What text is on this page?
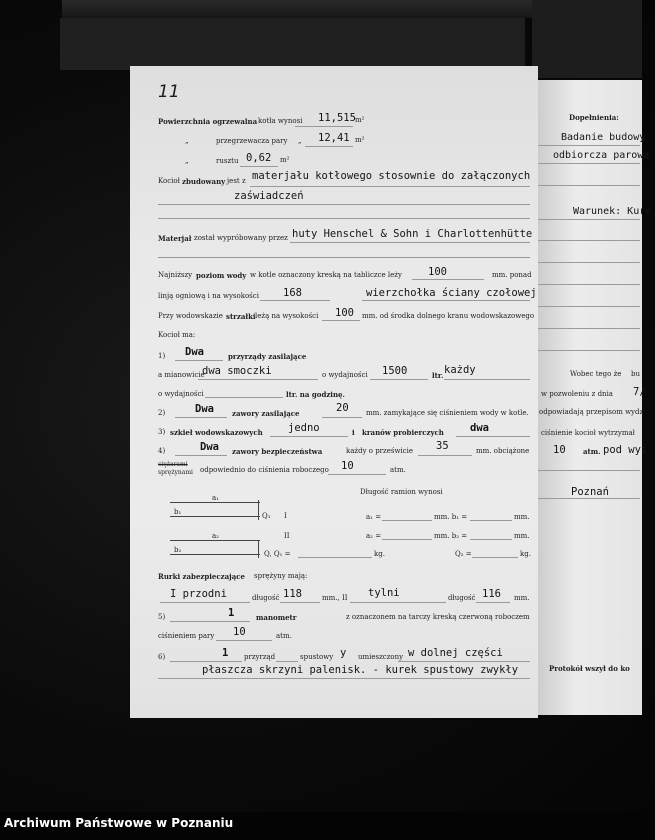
Dopełnienia:
Badanie budowy
odbiorcza parowa
Warunek: Kure
Wobec tego że bu
w pozwoleniu z dnia 7/
odpowiadają przepisom wydz
ciśnienie kocioł wytrzymał
10 atm. pod wyż
Poznań
Protokół wszył do ko
11
Powierzchnia ogrzewalna kotła wynosi 11,515 m²
„	przegrzewacza pary „ 12,41 m²
„	rusztu 0,62 m²
Kocioł zbudowany jest z materjału kotłowego stosownie do załączonych
zaświadczeń
Materjał został wypróbowany przez huty Henschel & Sohn i Charlottenhütte
Najniższy poziom wody w kotle oznaczony kreską na tabliczce leży 100	mm. ponad
linją ogniową i na wysokości 168	wierzchołka ściany czołowej
Przy wodowskazie strzałki leżą na wysokości 100 mm. od środka dolnego kranu wodowskazowego
Kocioł ma:
1) Dwa	przyrządy zasilające
a mianowicie
dwa smoczki	o wydajności 1500	ltr. każdy
o wydajności	ltr. na godzinę.
2)	Dwa	zawory zasilające	20 mm. zamykające się ciśnieniem wody w kotle.
3) szkieł wodowskazowych jedno	i kranów probierczych dwa
4)	Dwa zawory bezpieczeństwa	każdy o prześwicie 35	mm. obciążone
ciężarami
sprężynami odpowiednio do ciśnienia roboczego 10	atm.
Długość ramion wynosi
a₁
b₁	Q₁ I	a₁ =	mm. b₁ =	mm.
a₂	II	a₂ =	mm. b₂ =	mm.
b₂	Q, Q₁ =	kg.	Q₂ =	kg.
Rurki zabezpieczające sprężyny mają:
I przodni	długość 118	mm., II tylni	długość 116 mm.
5)	1	manometr	z oznaczonem na tarczy kreską czerwoną roboczem
ciśnieniem pary 10	atm.
6)	1 przyrząd	spustowy y umieszczony w dolnej części
płaszcza skrzyni palenisk. - kurek spustowy zwykły
Archiwum Państwowe w Poznaniu
